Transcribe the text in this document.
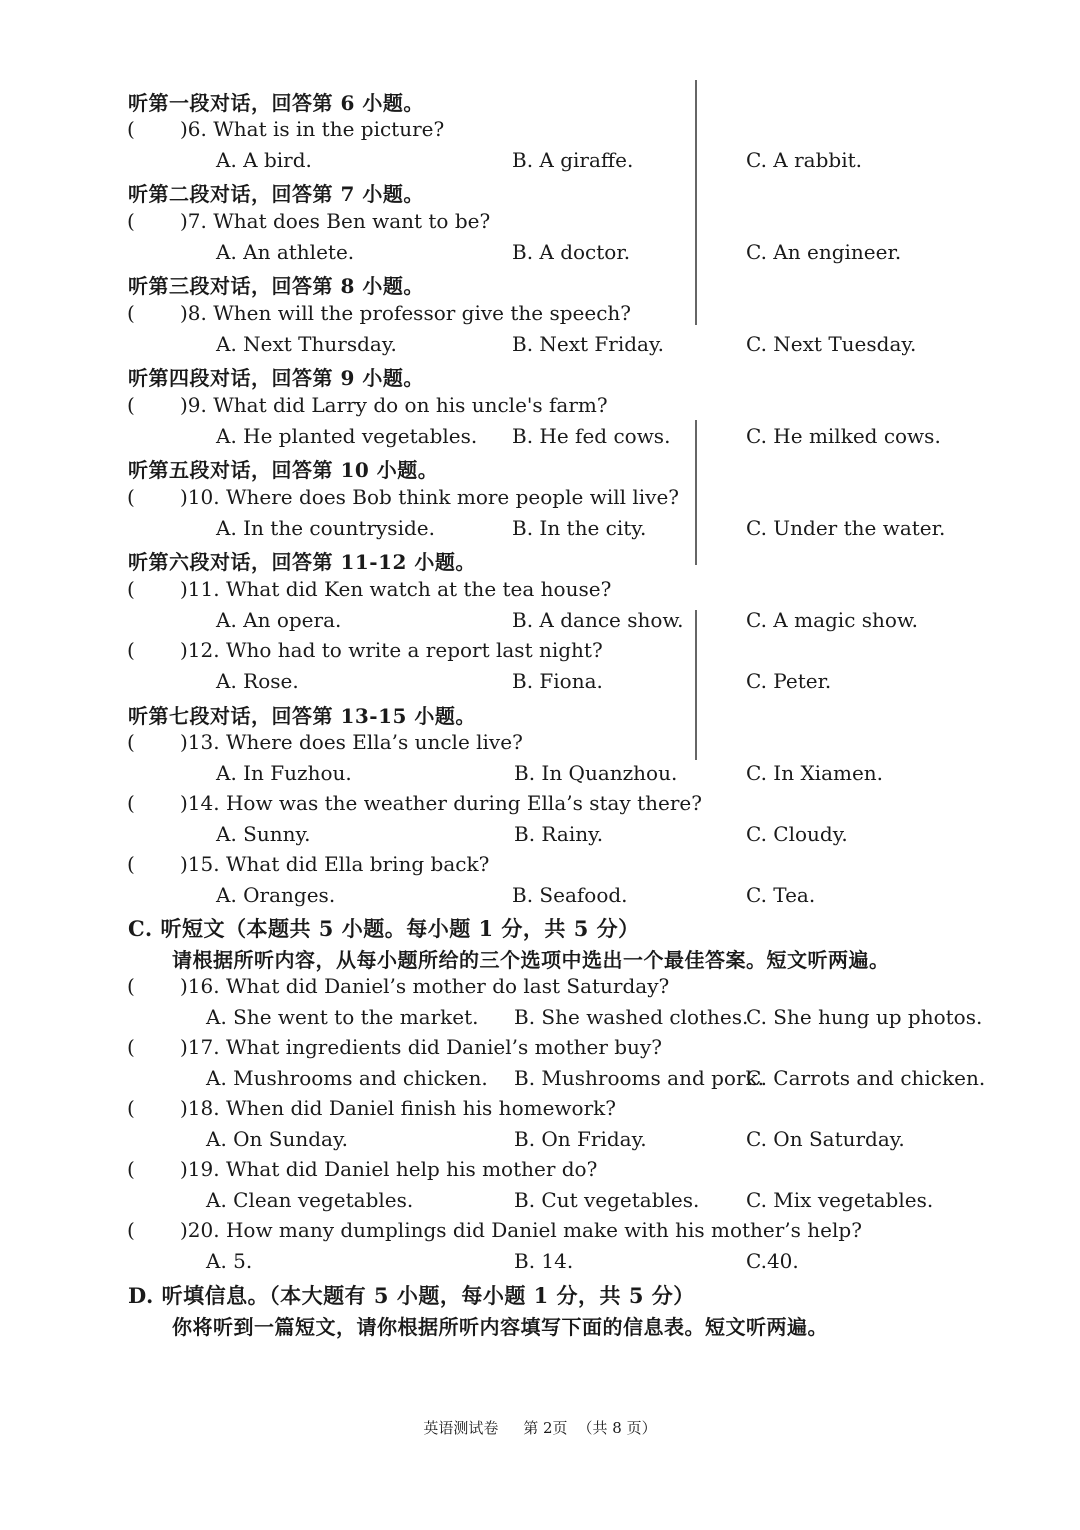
听第一段对话，回答第 6 小题。
( )6. What is in the picture?
A. A bird.	B. A giraffe.	C. A rabbit.
听第二段对话，回答第 7 小题。
( )7. What does Ben want to be?
A. An athlete.	B. A doctor.	C. An engineer.
听第三段对话，回答第 8 小题。
( )8. When will the professor give the speech?
A. Next Thursday.	B. Next Friday.	C. Next Tuesday.
听第四段对话，回答第 9 小题。
( )9. What did Larry do on his uncle's farm?
A. He planted vegetables. B. He fed cows.	C. He milked cows.
听第五段对话，回答第 10 小题。
( )10. Where does Bob think more people will live?
A. In the countryside.	B. In the city.	C. Under the water.
听第六段对话，回答第 11-12 小题。
( )11. What did Ken watch at the tea house?
A. An opera.	B. A dance show.	C. A magic show.
( )12. Who had to write a report last night?
A. Rose.	B. Fiona.	C. Peter.
听第七段对话，回答第 13-15 小题。
( )13. Where does Ella’s uncle live?
A. In Fuzhou.	B. In Quanzhou.	C. In Xiamen.
( )14. How was the weather during Ella’s stay there?
A. Sunny.	B. Rainy.	C. Cloudy.
( )15. What did Ella bring back?
A. Oranges.	B. Seafood.	C. Tea.
C. 听短文（本题共 5 小题。每小题 1 分，共 5 分）
请根据所听内容，从每小题所给的三个选项中选出一个最佳答案。短文听两遍。
( )16. What did Daniel’s mother do last Saturday?
A. She went to the market. B. She washed clothes.
C. She hung up photos.
( )17. What ingredients did Daniel’s mother buy?
A. Mushrooms and chicken. B. Mushrooms and pork.
C. Carrots and chicken.
( )18. When did Daniel finish his homework?
A. On Sunday.	B. On Friday.	C. On Saturday.
( )19. What did Daniel help his mother do?
A. Clean vegetables.	B. Cut vegetables. C. Mix vegetables.
( )20. How many dumplings did Daniel make with his mother’s help?
A. 5.	B. 14.	C.40.
D. 听填信息。（本大题有 5 小题，每小题 1 分，共 5 分）
你将听到一篇短文，请你根据所听内容填写下面的信息表。短文听两遍。
英语测试卷 第 2页 （共 8 页）
